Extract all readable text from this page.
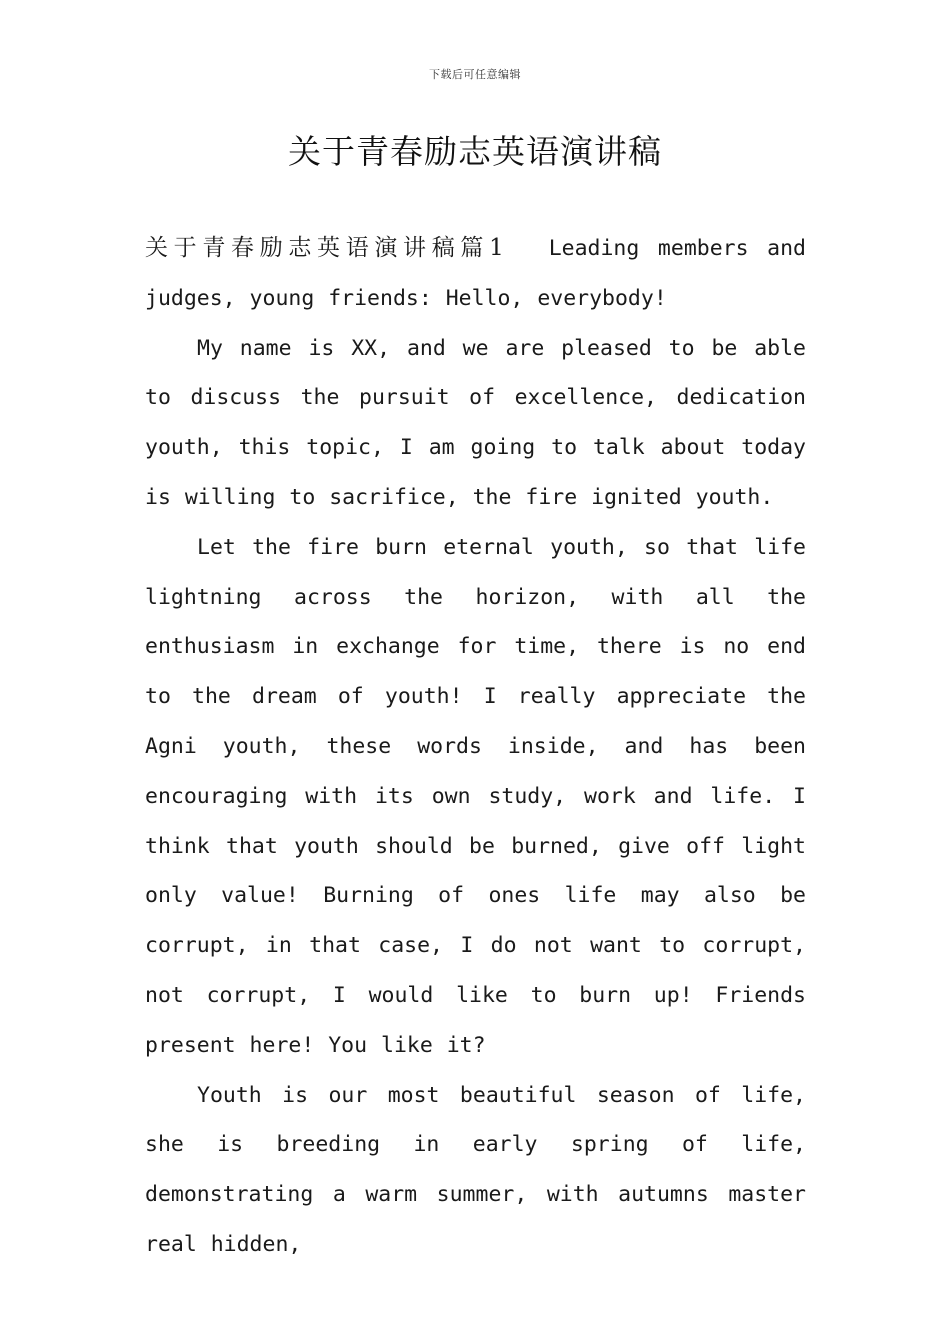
下载后可任意编辑
关于青春励志英语演讲稿

关于青春励志英语演讲稿篇1 Leading members and judges, young friends: Hello, everybody!

My name is XX, and we are pleased to be able to discuss the pursuit of excellence, dedication youth, this topic, I am going to talk about today is willing to sacrifice, the fire ignited youth.

Let the fire burn eternal youth, so that life lightning across the horizon, with all the enthusiasm in exchange for time, there is no end to the dream of youth! I really appreciate the Agni youth, these words inside, and has been encouraging with its own study, work and life. I think that youth should be burned, give off light only value! Burning of ones life may also be corrupt, in that case, I do not want to corrupt, not corrupt, I would like to burn up! Friends present here! You like it?

Youth is our most beautiful season of life, she is breeding in early spring of life, demonstrating a warm summer, with autumns master real hidden,
